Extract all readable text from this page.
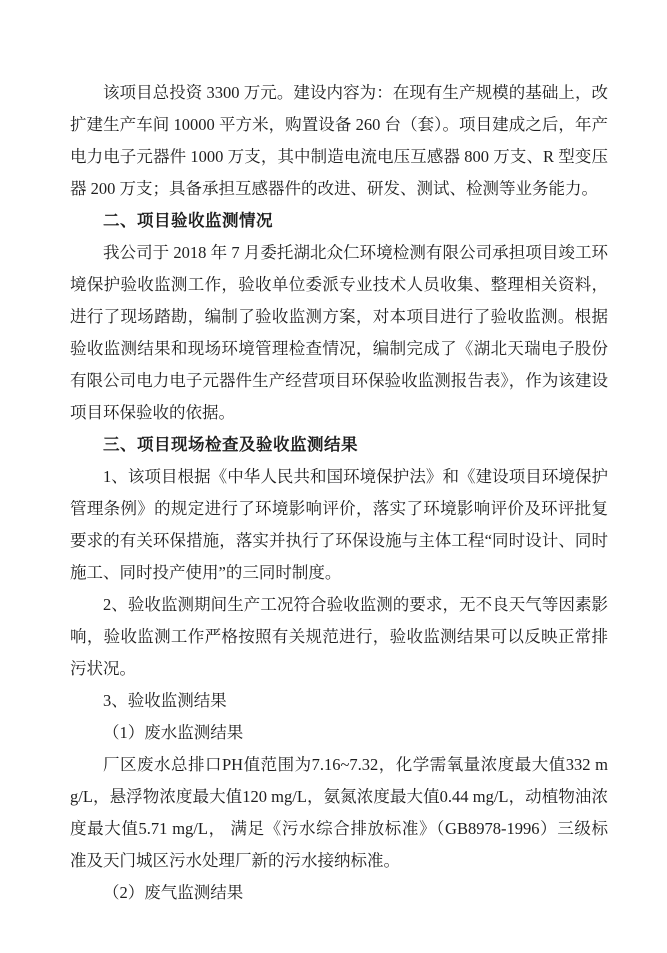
该项目总投资 3300 万元。建设内容为：在现有生产规模的基础上，改扩建生产车间 10000 平方米，购置设备 260 台（套）。项目建成之后，年产电力电子元器件 1000 万支，其中制造电流电压互感器 800 万支、R 型变压器 200 万支；具备承担互感器件的改进、研发、测试、检测等业务能力。

二、项目验收监测情况

我公司于 2018 年 7 月委托湖北众仁环境检测有限公司承担项目竣工环境保护验收监测工作，验收单位委派专业技术人员收集、整理相关资料，进行了现场踏勘，编制了验收监测方案，对本项目进行了验收监测。根据验收监测结果和现场环境管理检查情况，编制完成了《湖北天瑞电子股份有限公司电力电子元器件生产经营项目环保验收监测报告表》，作为该建设项目环保验收的依据。

三、项目现场检查及验收监测结果

1、该项目根据《中华人民共和国环境保护法》和《建设项目环境保护管理条例》的规定进行了环境影响评价，落实了环境影响评价及环评批复要求的有关环保措施，落实并执行了环保设施与主体工程“同时设计、同时施工、同时投产使用”的三同时制度。

2、验收监测期间生产工况符合验收监测的要求，无不良天气等因素影响，验收监测工作严格按照有关规范进行，验收监测结果可以反映正常排污状况。

3、验收监测结果

（1）废水监测结果

厂区废水总排口PH值范围为7.16~7.32，化学需氧量浓度最大值332 mg/L，悬浮物浓度最大值120 mg/L，氨氮浓度最大值0.44 mg/L，动植物油浓度最大值5.71 mg/L， 满足《污水综合排放标准》（GB8978-1996）三级标准及天门城区污水处理厂新的污水接纳标准。

（2）废气监测结果
